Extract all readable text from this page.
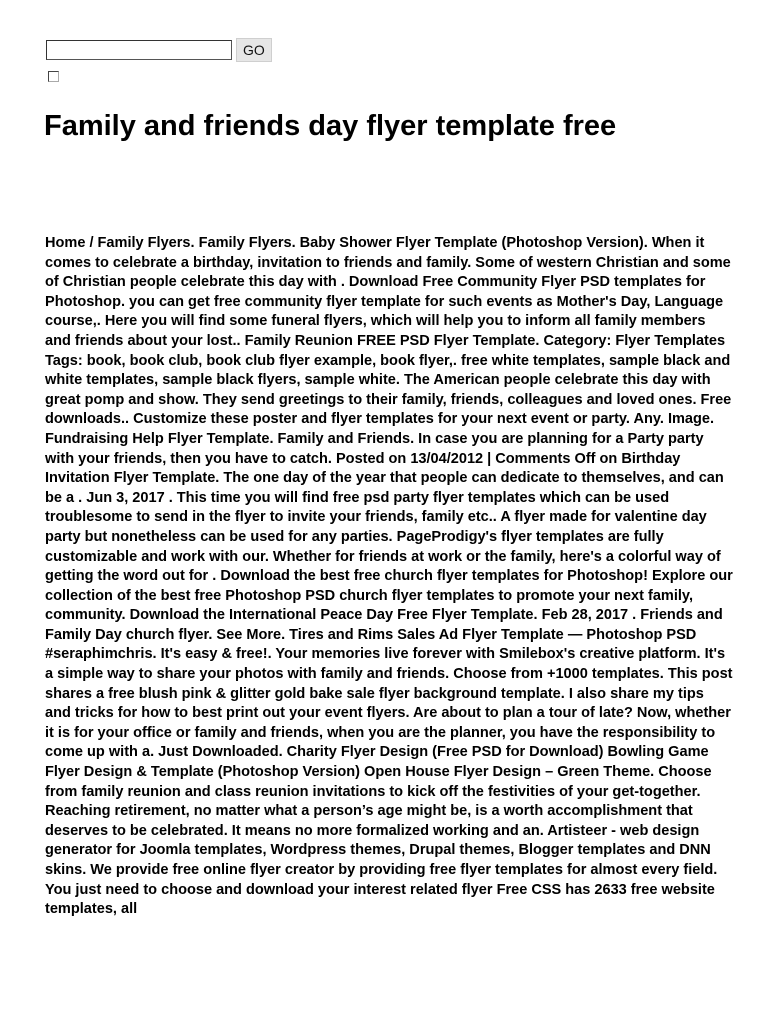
GO
Family and friends day flyer template free

Home / Family Flyers. Family Flyers. Baby Shower Flyer Template (Photoshop Version). When it comes to celebrate a birthday, invitation to friends and family. Some of western Christian and some of Christian people celebrate this day with . Download Free Community Flyer PSD templates for Photoshop. you can get free community flyer template for such events as Mother's Day, Language course,. Here you will find some funeral flyers, which will help you to inform all family members and friends about your lost.. Family Reunion FREE PSD Flyer Template. Category: Flyer Templates Tags: book, book club, book club flyer example, book flyer,. free white templates, sample black and white templates, sample black flyers, sample white. The American people celebrate this day with great pomp and show. They send greetings to their family, friends, colleagues and loved ones. Free downloads.. Customize these poster and flyer templates for your next event or party. Any. Image. Fundraising Help Flyer Template. Family and Friends. In case you are planning for a Party party with your friends, then you have to catch. Posted on 13/04/2012 | Comments Off on Birthday Invitation Flyer Template. The one day of the year that people can dedicate to themselves, and can be a . Jun 3, 2017 . This time you will find free psd party flyer templates which can be used troublesome to send in the flyer to invite your friends, family etc.. A flyer made for valentine day party but nonetheless can be used for any parties. PageProdigy's flyer templates are fully customizable and work with our. Whether for friends at work or the family, here's a colorful way of getting the word out for . Download the best free church flyer templates for Photoshop! Explore our collection of the best free Photoshop PSD church flyer templates to promote your next family, community. Download the International Peace Day Free Flyer Template. Feb 28, 2017 . Friends and Family Day church flyer. See More. Tires and Rims Sales Ad Flyer Template — Photoshop PSD #seraphimchris. It's easy & free!. Your memories live forever with Smilebox's creative platform. It's a simple way to share your photos with family and friends. Choose from +1000 templates. This post shares a free blush pink & glitter gold bake sale flyer background template. I also share my tips and tricks for how to best print out your event flyers. Are about to plan a tour of late? Now, whether it is for your office or family and friends, when you are the planner, you have the responsibility to come up with a. Just Downloaded. Charity Flyer Design (Free PSD for Download) Bowling Game Flyer Design & Template (Photoshop Version) Open House Flyer Design – Green Theme. Choose from family reunion and class reunion invitations to kick off the festivities of your get-together. Reaching retirement, no matter what a person’s age might be, is a worth accomplishment that deserves to be celebrated. It means no more formalized working and an. Artisteer - web design generator for Joomla templates, Wordpress themes, Drupal themes, Blogger templates and DNN skins. We provide free online flyer creator by providing free flyer templates for almost every field. You just need to choose and download your interest related flyer Free CSS has 2633 free website templates, all
